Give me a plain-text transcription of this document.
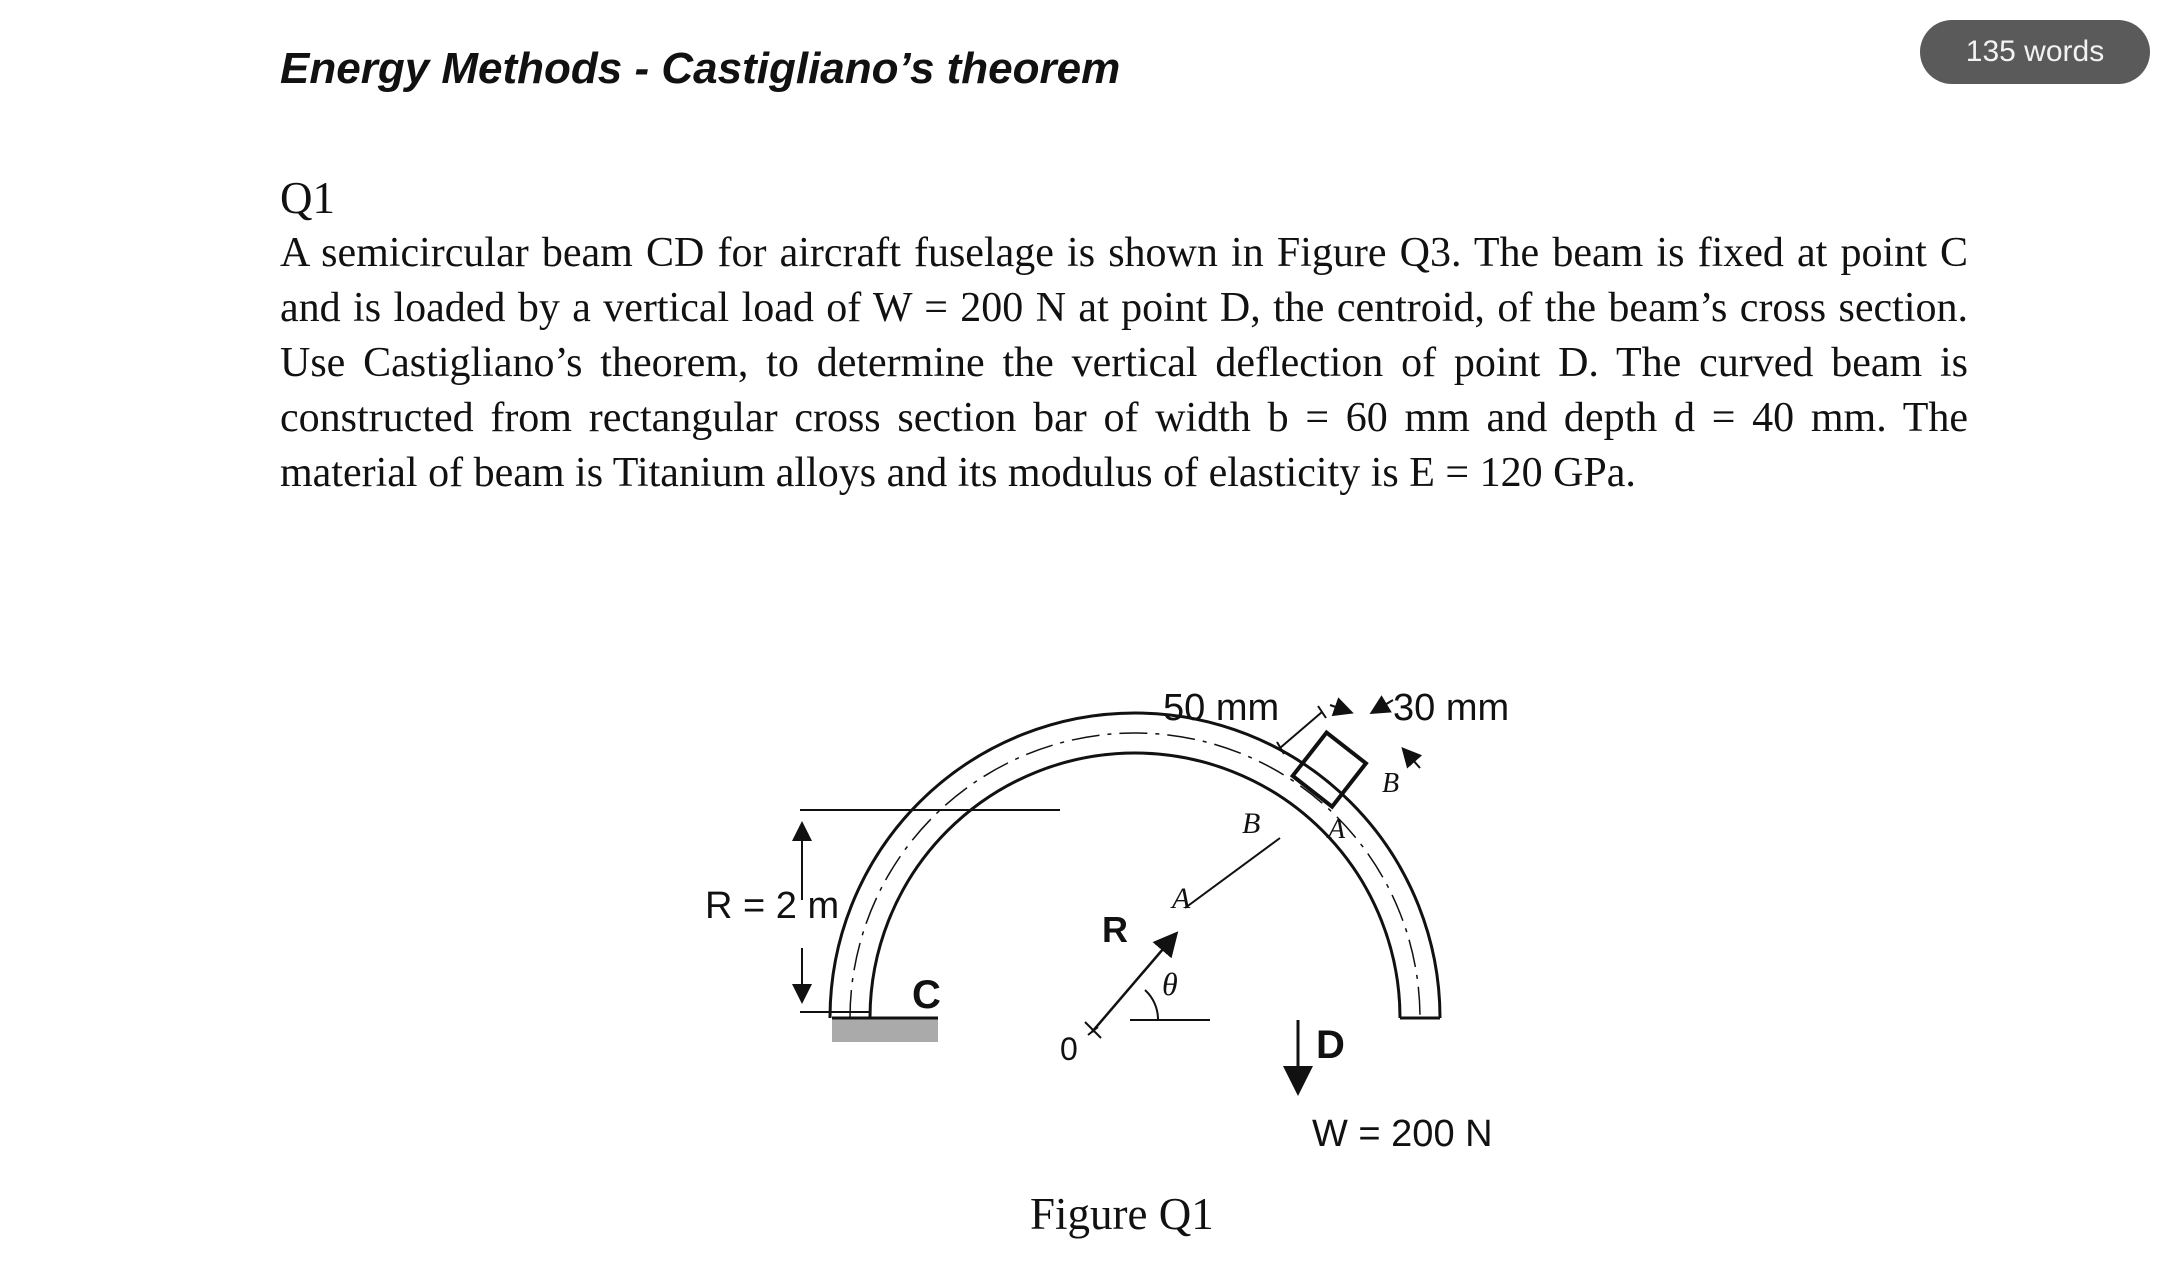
135 words
Energy Methods - Castigliano’s theorem
Q1
A semicircular beam CD for aircraft fuselage is shown in Figure Q3. The beam is fixed at point C and is loaded by a vertical load of W = 200 N at point D, the centroid, of the beam’s cross section. Use Castigliano’s theorem, to determine the vertical deflection of point D. The curved beam is constructed from rectangular cross section bar of width b = 60 mm and depth d = 40 mm. The material of beam is Titanium alloys and its modulus of elasticity is E = 120 GPa.
R = 2 m
C
0
R
θ
A
B
B
A
50 mm	30 mm
D
W = 200 N
Figure Q1
